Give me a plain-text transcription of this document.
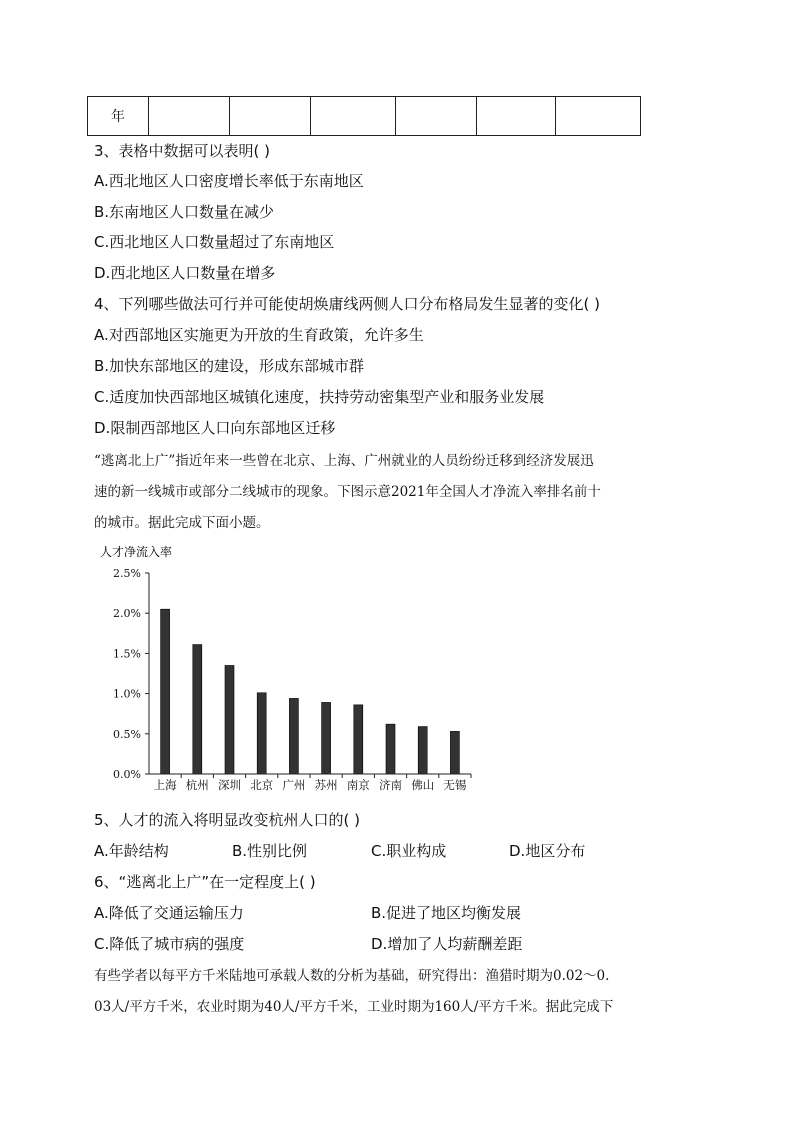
年						
3、表格中数据可以表明( )
A.西北地区人口密度增长率低于东南地区
B.东南地区人口数量在减少
C.西北地区人口数量超过了东南地区
D.西北地区人口数量在增多
4、下列哪些做法可行并可能使胡焕庸线两侧人口分布格局发生显著的变化( )
A.对西部地区实施更为开放的生育政策，允许多生
B.加快东部地区的建设，形成东部城市群
C.适度加快西部地区城镇化速度，扶持劳动密集型产业和服务业发展
D.限制西部地区人口向东部地区迁移
“逃离北上广”指近年来一些曾在北京、上海、广州就业的人员纷纷迁移到经济发展迅
速的新一线城市或部分二线城市的现象。下图示意2021年全国人才净流入率排名前十
的城市。据此完成下面小题。
人才净流入率
0.0%
0.5%
1.0%
1.5%
2.0%
2.5%
上海 杭州 深圳 北京 广州 苏州 南京 济南 佛山 无锡
5、人才的流入将明显改变杭州人口的( )
A.年龄结构	B.性别比例	C.职业构成	D.地区分布
6、“逃离北上广”在一定程度上( )
A.降低了交通运输压力	B.促进了地区均衡发展
C.降低了城市病的强度	D.增加了人均薪酬差距
有些学者以每平方千米陆地可承载人数的分析为基础，研究得出：渔猎时期为0.02～0.
03人/平方千米，农业时期为40人/平方千米，工业时期为160人/平方千米。据此完成下
